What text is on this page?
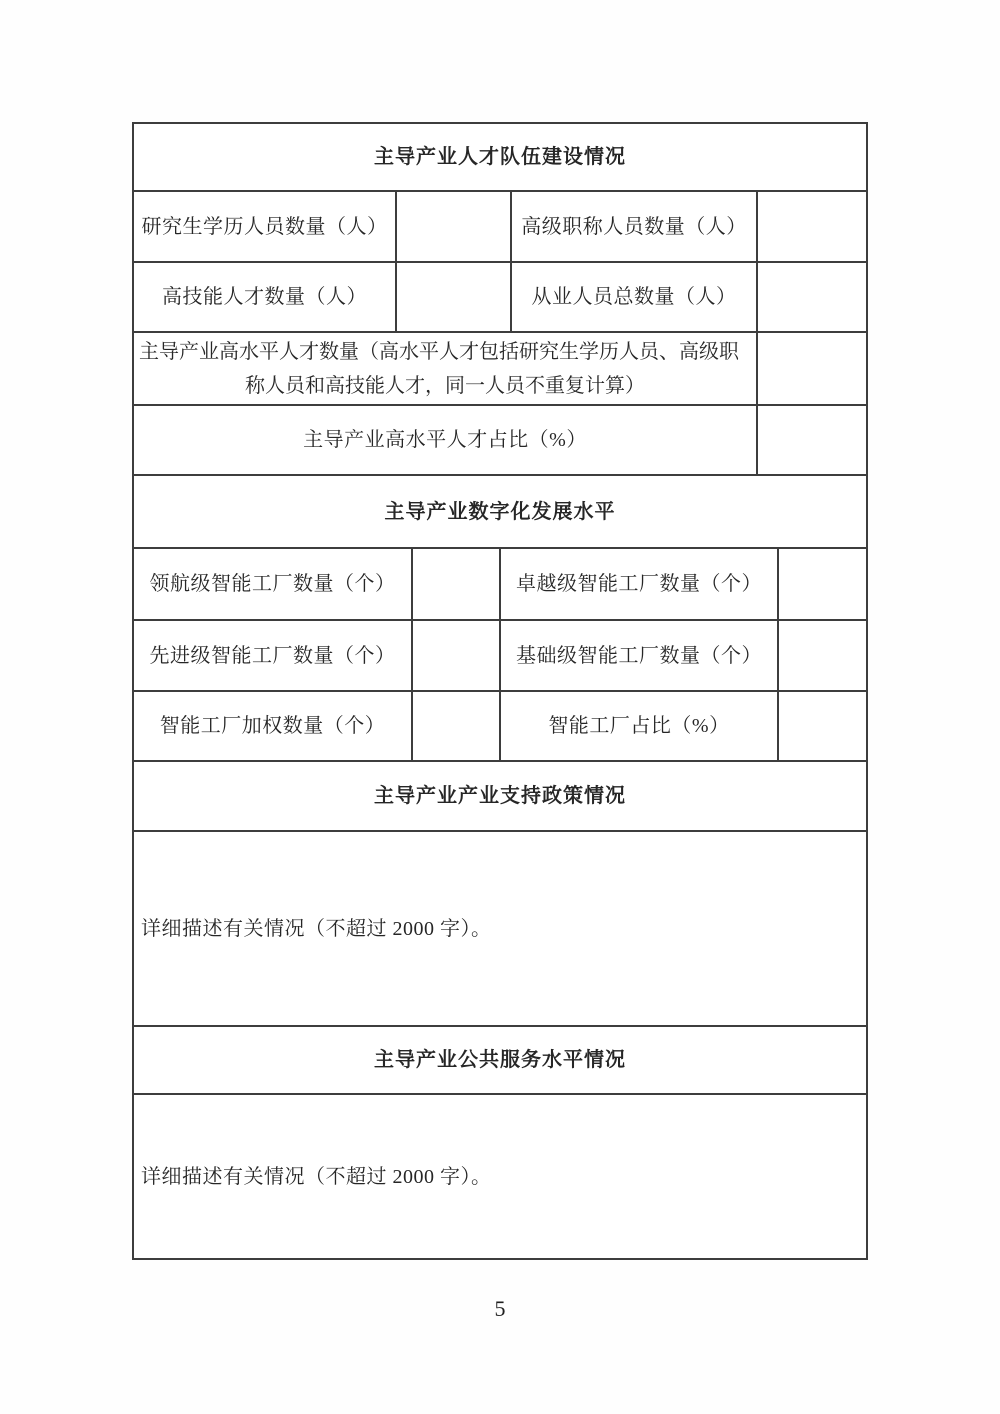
主导产业人才队伍建设情况
研究生学历人员数量（人）	高级职称人员数量（人）
高技能人才数量（人）	从业人员总数量（人）
主导产业高水平人才数量（高水平人才包括研究生学历人员、高级职
称人员和高技能人才，同一人员不重复计算）
主导产业高水平人才占比（%）
主导产业数字化发展水平
领航级智能工厂数量（个）	卓越级智能工厂数量（个）
先进级智能工厂数量（个）	基础级智能工厂数量（个）
智能工厂加权数量（个）	智能工厂占比（%）
主导产业产业支持政策情况
详细描述有关情况（不超过 2000 字）。
主导产业公共服务水平情况
详细描述有关情况（不超过 2000 字）。
5
